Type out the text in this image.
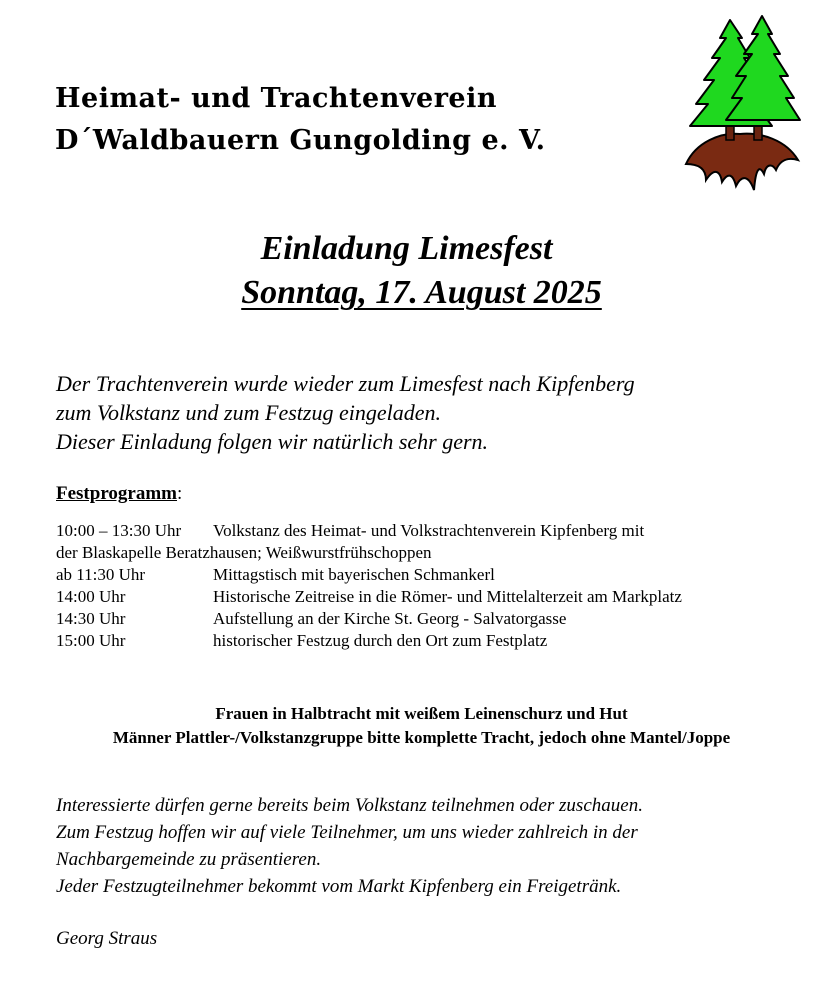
Heimat- und Trachtenverein
D´Waldbauern Gungolding e. V.
Einladung Limesfest
Sonntag, 17. August 2025
Der Trachtenverein wurde wieder zum Limesfest nach Kipfenberg
zum Volkstanz und zum Festzug eingeladen.
Dieser Einladung folgen wir natürlich sehr gern.
Festprogramm:
10:00 – 13:30 Uhr	Volkstanz des Heimat- und Volkstrachtenverein Kipfenberg mit
der Blaskapelle Beratzhausen; Weißwurstfrühschoppen
ab 11:30 Uhr	Mittagstisch mit bayerischen Schmankerl
14:00 Uhr	Historische Zeitreise in die Römer- und Mittelalterzeit am Markplatz
14:30 Uhr	Aufstellung an der Kirche St. Georg - Salvatorgasse
15:00 Uhr	historischer Festzug durch den Ort zum Festplatz
Frauen in Halbtracht mit weißem Leinenschurz und Hut
Männer Plattler-/Volkstanzgruppe bitte komplette Tracht, jedoch ohne Mantel/Joppe
Interessierte dürfen gerne bereits beim Volkstanz teilnehmen oder zuschauen.
Zum Festzug hoffen wir auf viele Teilnehmer, um uns wieder zahlreich in der
Nachbargemeinde zu präsentieren.
Jeder Festzugteilnehmer bekommt vom Markt Kipfenberg ein Freigetränk.
Georg Straus
